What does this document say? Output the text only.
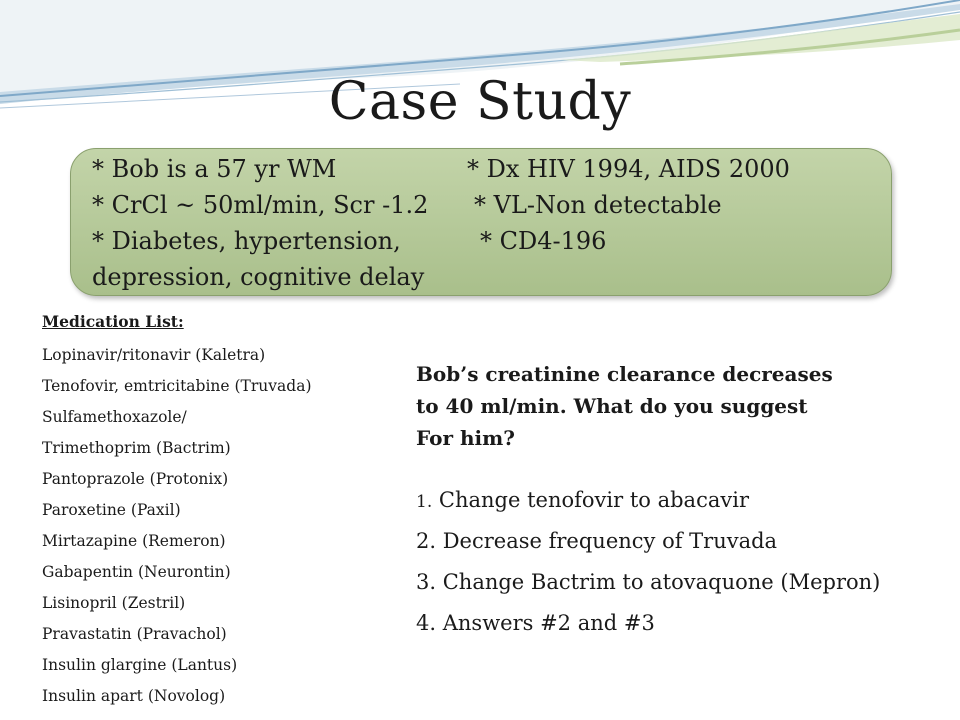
Case Study
* Bob is a 57 yr WM
* CrCl ~ 50ml/min, Scr -1.2
* Diabetes, hypertension,
depression, cognitive delay
* Dx HIV 1994, AIDS 2000
* VL-Non detectable
* CD4-196
Medication List:
Lopinavir/ritonavir (Kaletra)
Tenofovir, emtricitabine (Truvada)
Sulfamethoxazole/
Trimethoprim (Bactrim)
Pantoprazole (Protonix)
Paroxetine (Paxil)
Mirtazapine (Remeron)
Gabapentin (Neurontin)
Lisinopril (Zestril)
Pravastatin (Pravachol)
Insulin glargine (Lantus)
Insulin apart (Novolog)
Bob’s creatinine clearance decreases
to 40 ml/min. What do you suggest
For him?
1. Change tenofovir to abacavir
2. Decrease frequency of Truvada
3. Change Bactrim to atovaquone (Mepron)
4. Answers #2 and #3
